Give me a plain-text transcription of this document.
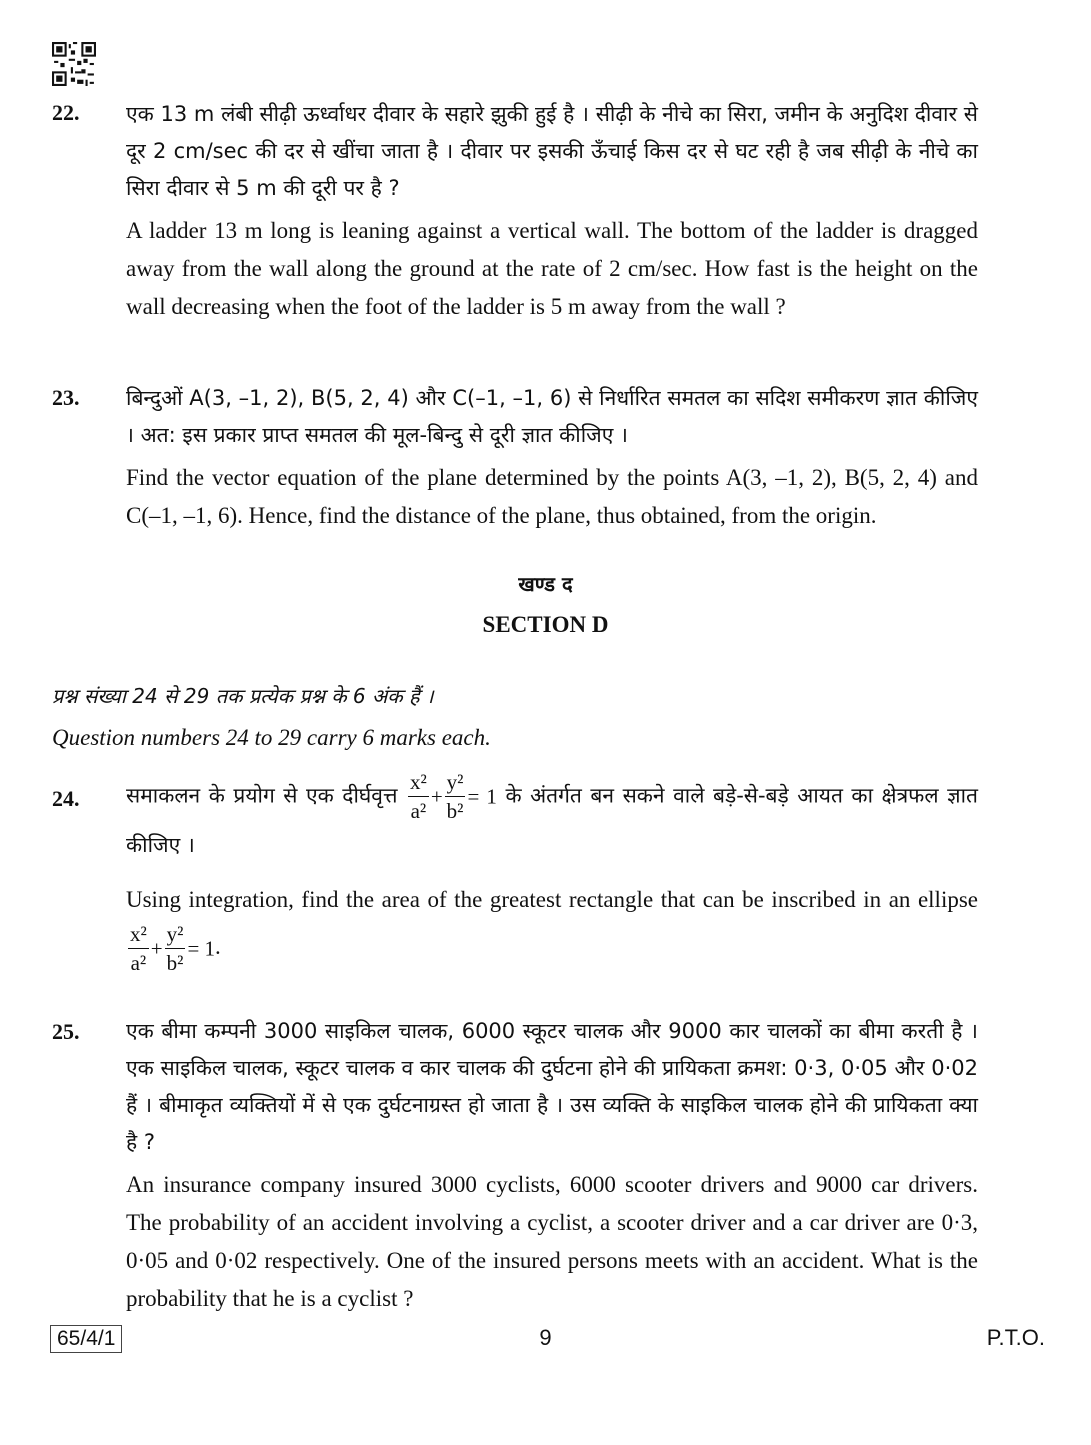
22. एक 13 m लंबी सीढ़ी ऊर्ध्वाधर दीवार के सहारे झुकी हुई है । सीढ़ी के नीचे का सिरा, जमीन के अनुदिश दीवार से दूर 2 cm/sec की दर से खींचा जाता है । दीवार पर इसकी ऊँचाई किस दर से घट रही है जब सीढ़ी के नीचे का सिरा दीवार से 5 m की दूरी पर है ?
A ladder 13 m long is leaning against a vertical wall. The bottom of the ladder is dragged away from the wall along the ground at the rate of 2 cm/sec. How fast is the height on the wall decreasing when the foot of the ladder is 5 m away from the wall ?
23. बिन्दुओं A(3, –1, 2), B(5, 2, 4) और C(–1, –1, 6) से निर्धारित समतल का सदिश समीकरण ज्ञात कीजिए । अत: इस प्रकार प्राप्त समतल की मूल-बिन्दु से दूरी ज्ञात कीजिए ।
Find the vector equation of the plane determined by the points A(3, –1, 2), B(5, 2, 4) and C(–1, –1, 6). Hence, find the distance of the plane, thus obtained, from the origin.
खण्ड द
SECTION D
प्रश्न संख्या 24 से 29 तक प्रत्येक प्रश्न के 6 अंक हैं ।
Question numbers 24 to 29 carry 6 marks each.
24. समाकलन के प्रयोग से एक दीर्घवृत्त $\frac{\text{x²}}{\text{a²}} + \frac{\text{y²}}{\text{b²}} = 1$ के अंतर्गत बन सकने वाले बड़े-से-बड़े आयत का क्षेत्रफल ज्ञात कीजिए ।
Using integration, find the area of the greatest rectangle that can be inscribed in an ellipse
$\frac{\text{x²}}{\text{a²}} + \frac{\text{y²}}{\text{b²}} = 1$.
25. एक बीमा कम्पनी 3000 साइकिल चालक, 6000 स्कूटर चालक और 9000 कार चालकों का बीमा करती है । एक साइकिल चालक, स्कूटर चालक व कार चालक की दुर्घटना होने की प्रायिकता क्रमश: 0·3, 0·05 और 0·02 हैं । बीमाकृत व्यक्तियों में से एक दुर्घटनाग्रस्त हो जाता है । उस व्यक्ति के साइकिल चालक होने की प्रायिकता क्या है ?
An insurance company insured 3000 cyclists, 6000 scooter drivers and 9000 car drivers. The probability of an accident involving a cyclist, a scooter driver and a car driver are 0·3, 0·05 and 0·02 respectively. One of the insured persons meets with an accident. What is the probability that he is a cyclist ?
65/4/1	9	P.T.O.
